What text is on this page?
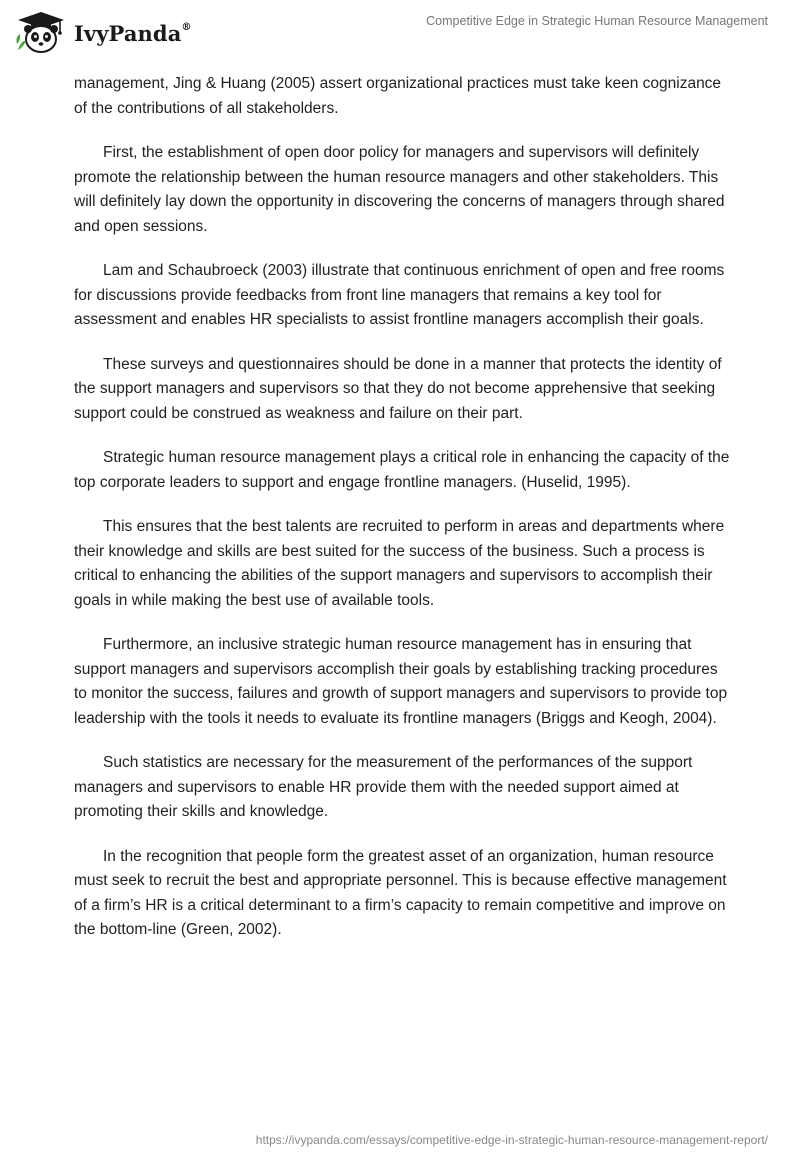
IvyPanda®	Competitive Edge in Strategic Human Resource Management

management, Jing & Huang (2005) assert organizational practices must take keen cognizance of the contributions of all stakeholders.

First, the establishment of open door policy for managers and supervisors will definitely promote the relationship between the human resource managers and other stakeholders. This will definitely lay down the opportunity in discovering the concerns of managers through shared and open sessions.

Lam and Schaubroeck (2003) illustrate that continuous enrichment of open and free rooms for discussions provide feedbacks from front line managers that remains a key tool for assessment and enables HR specialists to assist frontline managers accomplish their goals.

These surveys and questionnaires should be done in a manner that protects the identity of the support managers and supervisors so that they do not become apprehensive that seeking support could be construed as weakness and failure on their part.

Strategic human resource management plays a critical role in enhancing the capacity of the top corporate leaders to support and engage frontline managers. (Huselid, 1995).

This ensures that the best talents are recruited to perform in areas and departments where their knowledge and skills are best suited for the success of the business. Such a process is critical to enhancing the abilities of the support managers and supervisors to accomplish their goals in while making the best use of available tools.

Furthermore, an inclusive strategic human resource management has in ensuring that support managers and supervisors accomplish their goals by establishing tracking procedures to monitor the success, failures and growth of support managers and supervisors to provide top leadership with the tools it needs to evaluate its frontline managers (Briggs and Keogh, 2004).

Such statistics are necessary for the measurement of the performances of the support managers and supervisors to enable HR provide them with the needed support aimed at promoting their skills and knowledge.

In the recognition that people form the greatest asset of an organization, human resource must seek to recruit the best and appropriate personnel. This is because effective management of a firm’s HR is a critical determinant to a firm’s capacity to remain competitive and improve on the bottom-line (Green, 2002).

https://ivypanda.com/essays/competitive-edge-in-strategic-human-resource-management-report/
